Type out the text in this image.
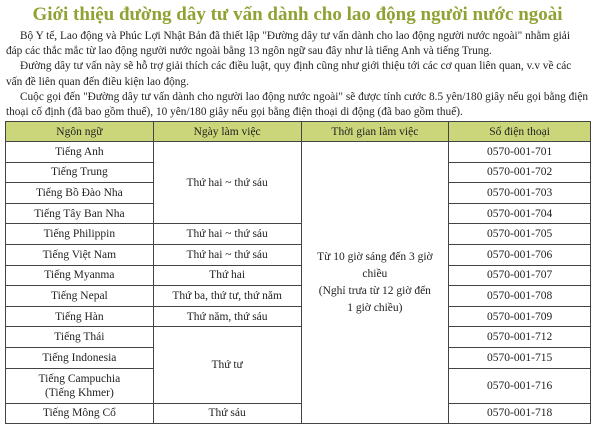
Giới thiệu đường dây tư vấn dành cho lao động người nước ngoài

Bộ Y tế, Lao động và Phúc Lợi Nhật Bản đã thiết lập "Đường dây tư vấn dành cho lao động người nước ngoài" nhằm giải đáp các thắc mắc từ lao động người nước ngoài bằng 13 ngôn ngữ sau đây như là tiếng Anh và tiếng Trung.

Đường dây tư vấn này sẽ hỗ trợ giải thích các điều luật, quy định cũng như giới thiệu tới các cơ quan liên quan, v.v về các vấn đề liên quan đến điều kiện lao động.

Cuộc gọi đến "Đường dây tư vấn dành cho người lao động nước ngoài" sẽ được tính cước 8.5 yên/180 giây nếu gọi bằng điện thoại cố định (đã bao gồm thuế), 10 yên/180 giây nếu gọi bằng điện thoại di động (đã bao gồm thuế).

Ngôn ngữ	Ngày làm việc	Thời gian làm việc	Số điện thoại
Tiếng Anh	Thứ hai ~ thứ sáu	Từ 10 giờ sáng đến 3 giờ chiều
(Nghỉ trưa từ 12 giờ đến
1 giờ chiều)	0570-001-701
Tiếng Trung			0570-001-702
Tiếng Bồ Đào Nha			0570-001-703
Tiếng Tây Ban Nha			0570-001-704
Tiếng Philippin	Thứ hai ~ thứ sáu		0570-001-705
Tiếng Việt Nam	Thứ hai ~ thứ sáu		0570-001-706
Tiếng Myanma	Thứ hai		0570-001-707
Tiếng Nepal	Thứ ba, thứ tư, thứ năm		0570-001-708
Tiếng Hàn	Thứ năm, thứ sáu		0570-001-709
Tiếng Thái	Thứ tư		0570-001-712
Tiếng Indonesia			0570-001-715

Tiếng Campuchia
(Tiếng Khmer)			0570-001-716
Tiếng Mông Cổ	Thứ sáu		0570-001-718
